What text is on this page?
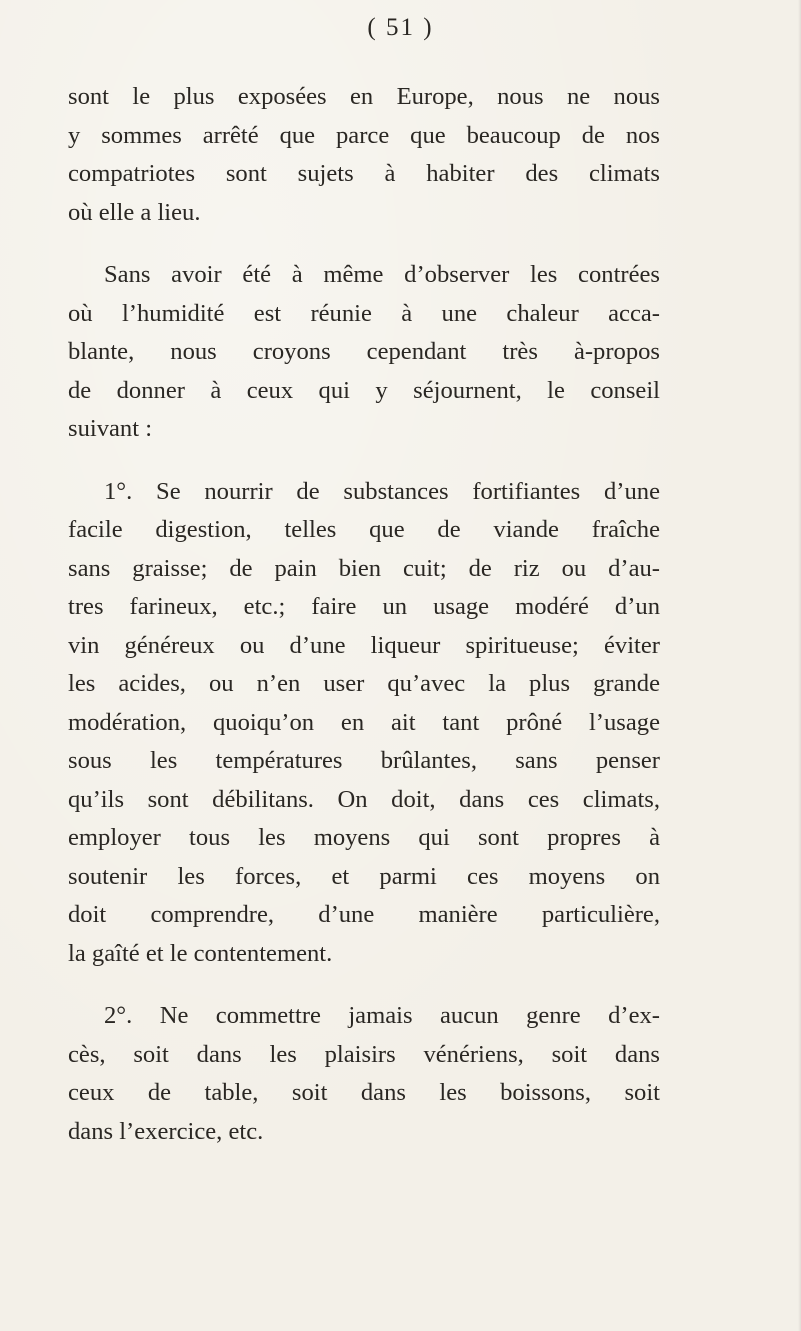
( 51 )
sont le plus exposées en Europe, nous ne nous
y sommes arrêté que parce que beaucoup de nos
compatriotes sont sujets à habiter des climats
où elle a lieu.
Sans avoir été à même d’observer les contrées
où l’humidité est réunie à une chaleur acca-
blante, nous croyons cependant très à-propos
de donner à ceux qui y séjournent, le conseil
suivant :
1°. Se nourrir de substances fortifiantes d’une
facile digestion, telles que de viande fraîche
sans graisse; de pain bien cuit; de riz ou d’au-
tres farineux, etc.; faire un usage modéré d’un
vin généreux ou d’une liqueur spiritueuse; éviter
les acides, ou n’en user qu’avec la plus grande
modération, quoiqu’on en ait tant prôné l’usage
sous les températures brûlantes, sans penser
qu’ils sont débilitans. On doit, dans ces climats,
employer tous les moyens qui sont propres à
soutenir les forces, et parmi ces moyens on
doit comprendre, d’une manière particulière,
la gaîté et le contentement.
2°. Ne commettre jamais aucun genre d’ex-
cès, soit dans les plaisirs vénériens, soit dans
ceux de table, soit dans les boissons, soit
dans l’exercice, etc.
